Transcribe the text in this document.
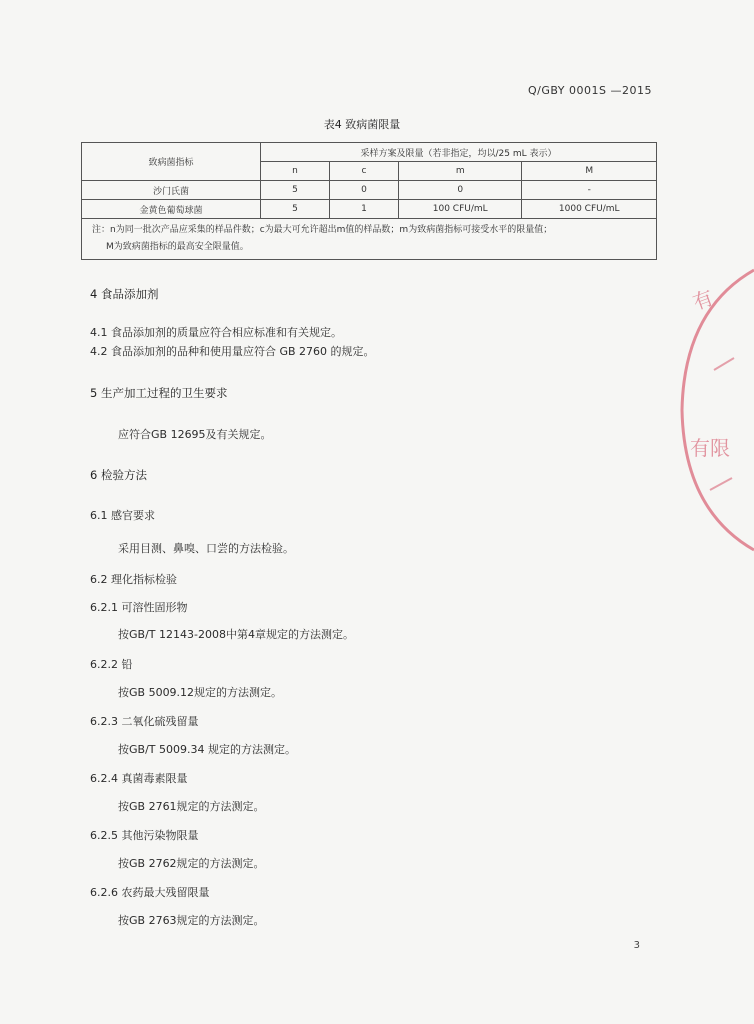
Q/GBY 0001S —2015
表4 致病菌限量
致病菌指标	采样方案及限量（若非指定，均以/25 mL 表示）			
	n	c	m	M
沙门氏菌	5	0	0	-
金黄色葡萄球菌	5	1	100 CFU/mL	1000 CFU/mL

注：n为同一批次产品应采集的样品件数；c为最大可允许超出m值的样品数；m为致病菌指标可接受水平的限量值；
M为致病菌指标的最高安全限量值。				
4 食品添加剂
4.1 食品添加剂的质量应符合相应标准和有关规定。
4.2 食品添加剂的品种和使用量应符合 GB 2760 的规定。
5 生产加工过程的卫生要求
应符合GB 12695及有关规定。
6 检验方法
6.1 感官要求
采用目测、鼻嗅、口尝的方法检验。
6.2 理化指标检验
6.2.1 可溶性固形物
按GB/T 12143-2008中第4章规定的方法测定。
6.2.2 铅
按GB 5009.12规定的方法测定。
6.2.3 二氧化硫残留量
按GB/T 5009.34 规定的方法测定。
6.2.4 真菌毒素限量
按GB 2761规定的方法测定。
6.2.5 其他污染物限量
按GB 2762规定的方法测定。
6.2.6 农药最大残留限量
按GB 2763规定的方法测定。
3
有
有限
